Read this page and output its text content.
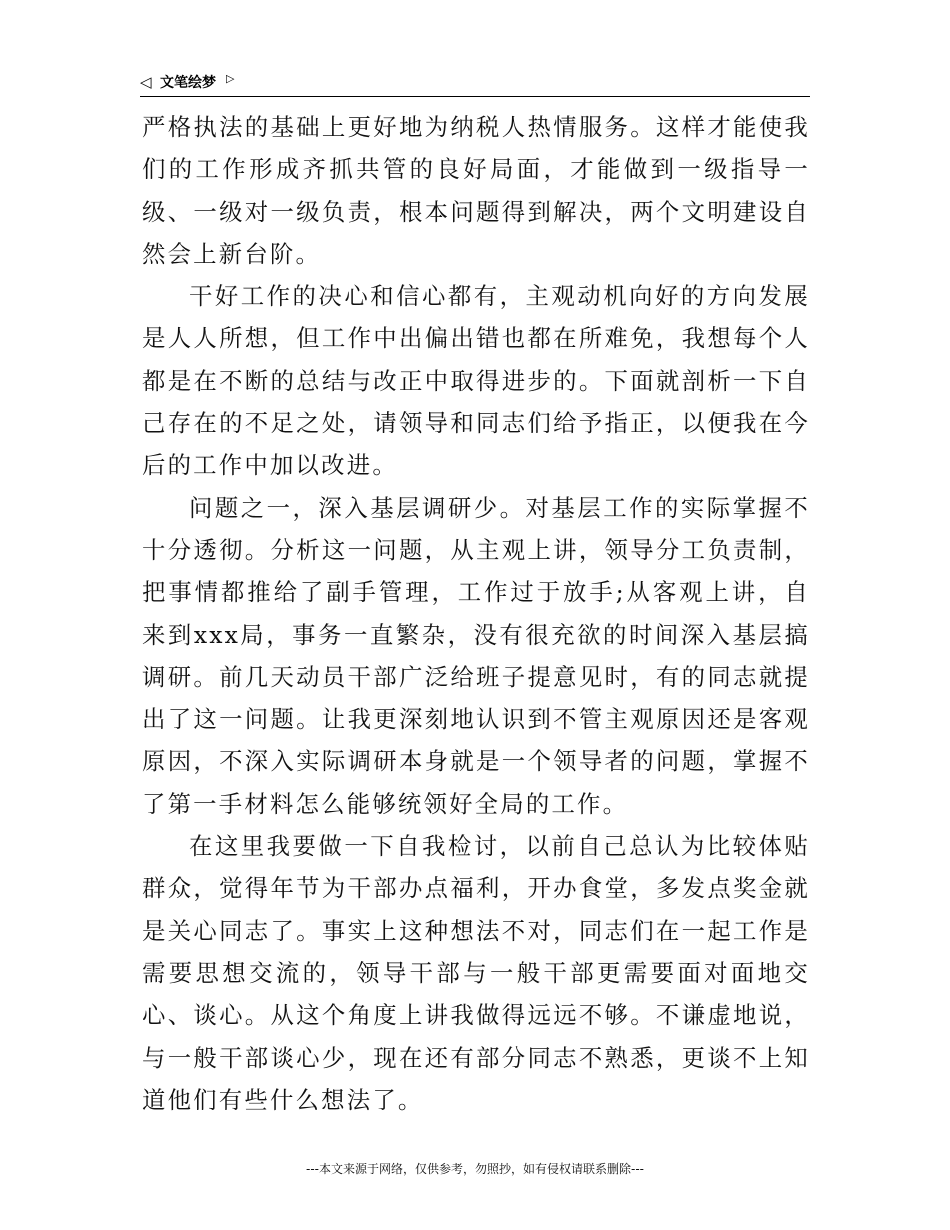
◁ 文笔绘梦 ▷

严格执法的基础上更好地为纳税人热情服务。这样才能使我们的工作形成齐抓共管的良好局面，才能做到一级指导一级、一级对一级负责，根本问题得到解决，两个文明建设自然会上新台阶。

干好工作的决心和信心都有，主观动机向好的方向发展是人人所想，但工作中出偏出错也都在所难免，我想每个人都是在不断的总结与改正中取得进步的。下面就剖析一下自己存在的不足之处，请领导和同志们给予指正，以便我在今后的工作中加以改进。

问题之一，深入基层调研少。对基层工作的实际掌握不十分透彻。分析这一问题，从主观上讲，领导分工负责制，把事情都推给了副手管理，工作过于放手;从客观上讲，自来到xxx局，事务一直繁杂，没有很充欲的时间深入基层搞调研。前几天动员干部广泛给班子提意见时，有的同志就提出了这一问题。让我更深刻地认识到不管主观原因还是客观原因，不深入实际调研本身就是一个领导者的问题，掌握不了第一手材料怎么能够统领好全局的工作。

在这里我要做一下自我检讨，以前自己总认为比较体贴群众，觉得年节为干部办点福利，开办食堂，多发点奖金就是关心同志了。事实上这种想法不对，同志们在一起工作是需要思想交流的，领导干部与一般干部更需要面对面地交心、谈心。从这个角度上讲我做得远远不够。不谦虚地说，与一般干部谈心少，现在还有部分同志不熟悉，更谈不上知道他们有些什么想法了。

---本文来源于网络，仅供参考，勿照抄，如有侵权请联系删除---
